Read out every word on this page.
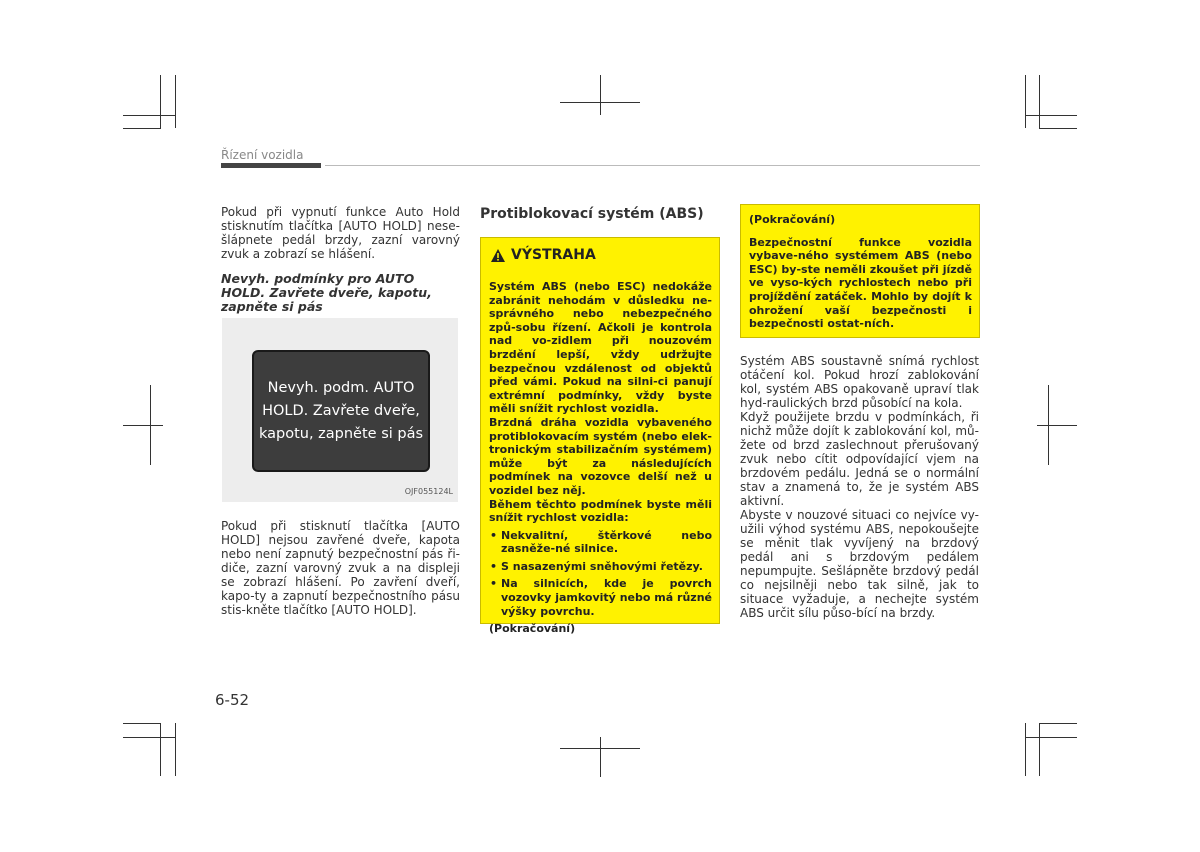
Řízení vozidla
Pokud při vypnutí funkce Auto Hold stisknutím tlačítka [AUTO HOLD] nese-šlápnete pedál brzdy, zazní varovný zvuk a zobrazí se hlášení.
Nevyh. podmínky pro AUTO HOLD. Zavřete dveře, kapotu, zapněte si pás
Nevyh. podm. AUTO HOLD. Zavřete dveře, kapotu, zapněte si pás
OJF055124L
Pokud při stisknutí tlačítka [AUTO HOLD] nejsou zavřené dveře, kapota nebo není zapnutý bezpečnostní pás ři-diče, zazní varovný zvuk a na displeji se zobrazí hlášení. Po zavření dveří, kapo-ty a zapnutí bezpečnostního pásu stis-kněte tlačítko [AUTO HOLD].
Protiblokovací systém (ABS)
VÝSTRAHA

Systém ABS (nebo ESC) nedokáže zabránit nehodám v důsledku ne-správného nebo nebezpečného způ-sobu řízení. Ačkoli je kontrola nad vo-zidlem při nouzovém brzdění lepší, vždy udržujte bezpečnou vzdálenost od objektů před vámi. Pokud na silni-ci panují extrémní podmínky, vždy byste měli snížit rychlost vozidla.

Brzdná dráha vozidla vybaveného protiblokovacím systém (nebo elek-tronickým stabilizačním systémem) může být za následujících podmínek na vozovce delší než u vozidel bez něj.

Během těchto podmínek byste měli snížit rychlost vozidla:

• Nekvalitní, štěrkové nebo zasněže-né silnice.
• S nasazenými sněhovými řetězy.
• Na silnicích, kde je povrch vozovky jamkovitý nebo má různé výšky povrchu.

(Pokračování)

(Pokračování)

Bezpečnostní funkce vozidla vybave-ného systémem ABS (nebo ESC) by-ste neměli zkoušet při jízdě ve vyso-kých rychlostech nebo při projíždění zatáček. Mohlo by dojít k ohrožení vaší bezpečnosti i bezpečnosti ostat-ních.

Systém ABS soustavně snímá rychlost otáčení kol. Pokud hrozí zablokování kol, systém ABS opakovaně upraví tlak hyd-raulických brzd působící na kola.
Když použijete brzdu v podmínkách, ři nichž může dojít k zablokování kol, mů-žete od brzd zaslechnout přerušovaný zvuk nebo cítit odpovídající vjem na brzdovém pedálu. Jedná se o normální stav a znamená to, že je systém ABS aktivní.
Abyste v nouzové situaci co nejvíce vy-užili výhod systému ABS, nepokoušejte se měnit tlak vyvíjený na brzdový pedál ani s brzdovým pedálem nepumpujte. Sešlápněte brzdový pedál co nejsilněji nebo tak silně, jak to situace vyžaduje, a nechejte systém ABS určit sílu půso-bící na brzdy.
6-52
